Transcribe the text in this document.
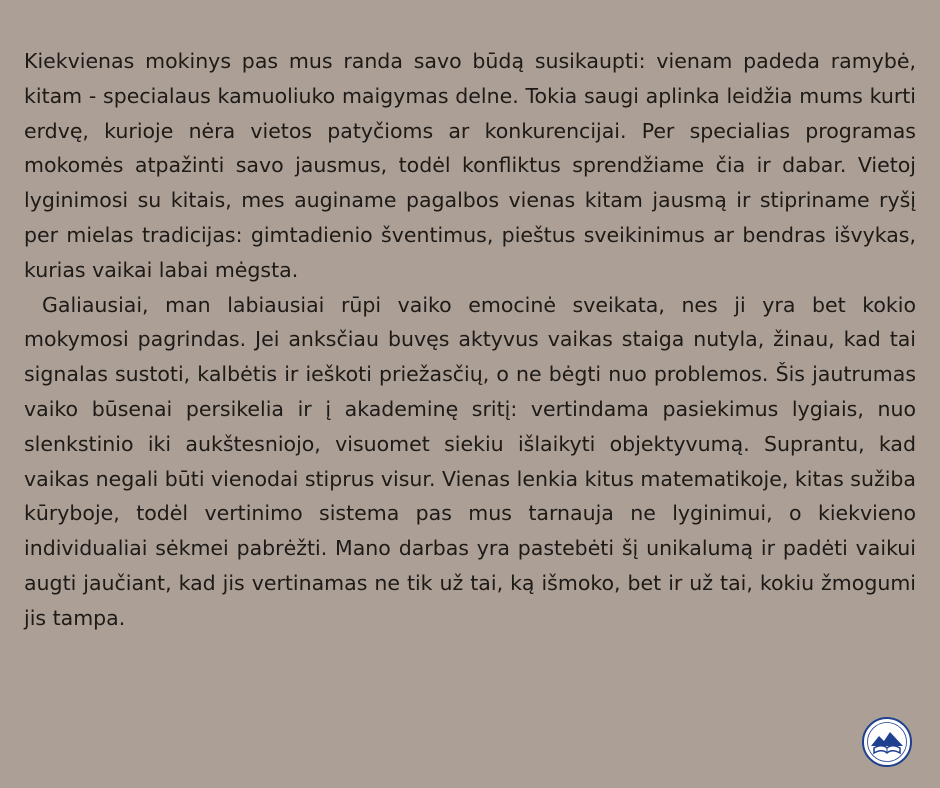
Kiekvienas mokinys pas mus randa savo būdą susikaupti: vienam padeda ramybė, kitam - specialaus kamuoliuko maigymas delne. Tokia saugi aplinka leidžia mums kurti erdvę, kurioje nėra vietos patyčioms ar konkurencijai. Per specialias programas mokomės atpažinti savo jausmus, todėl konfliktus sprendžiame čia ir dabar. Vietoj lyginimosi su kitais, mes auginame pagalbos vienas kitam jausmą ir stipriname ryšį per mielas tradicijas: gimtadienio šventimus, pieštus sveikinimus ar bendras išvykas, kurias vaikai labai mėgsta.

Galiausiai, man labiausiai rūpi vaiko emocinė sveikata, nes ji yra bet kokio mokymosi pagrindas. Jei anksčiau buvęs aktyvus vaikas staiga nutyla, žinau, kad tai signalas sustoti, kalbėtis ir ieškoti priežasčių, o ne bėgti nuo problemos. Šis jautrumas vaiko būsenai persikelia ir į akademinę sritį: vertindama pasiekimus lygiais, nuo slenkstinio iki aukštesniojo, visuomet siekiu išlaikyti objektyvumą. Suprantu, kad vaikas negali būti vienodai stiprus visur. Vienas lenkia kitus matematikoje, kitas sužiba kūryboje, todėl vertinimo sistema pas mus tarnauja ne lyginimui, o kiekvieno individualiai sėkmei pabrėžti. Mano darbas yra pastebėti šį unikalumą ir padėti vaikui augti jaučiant, kad jis vertinamas ne tik už tai, ką išmoko, bet ir už tai, kokiu žmogumi jis tampa.
